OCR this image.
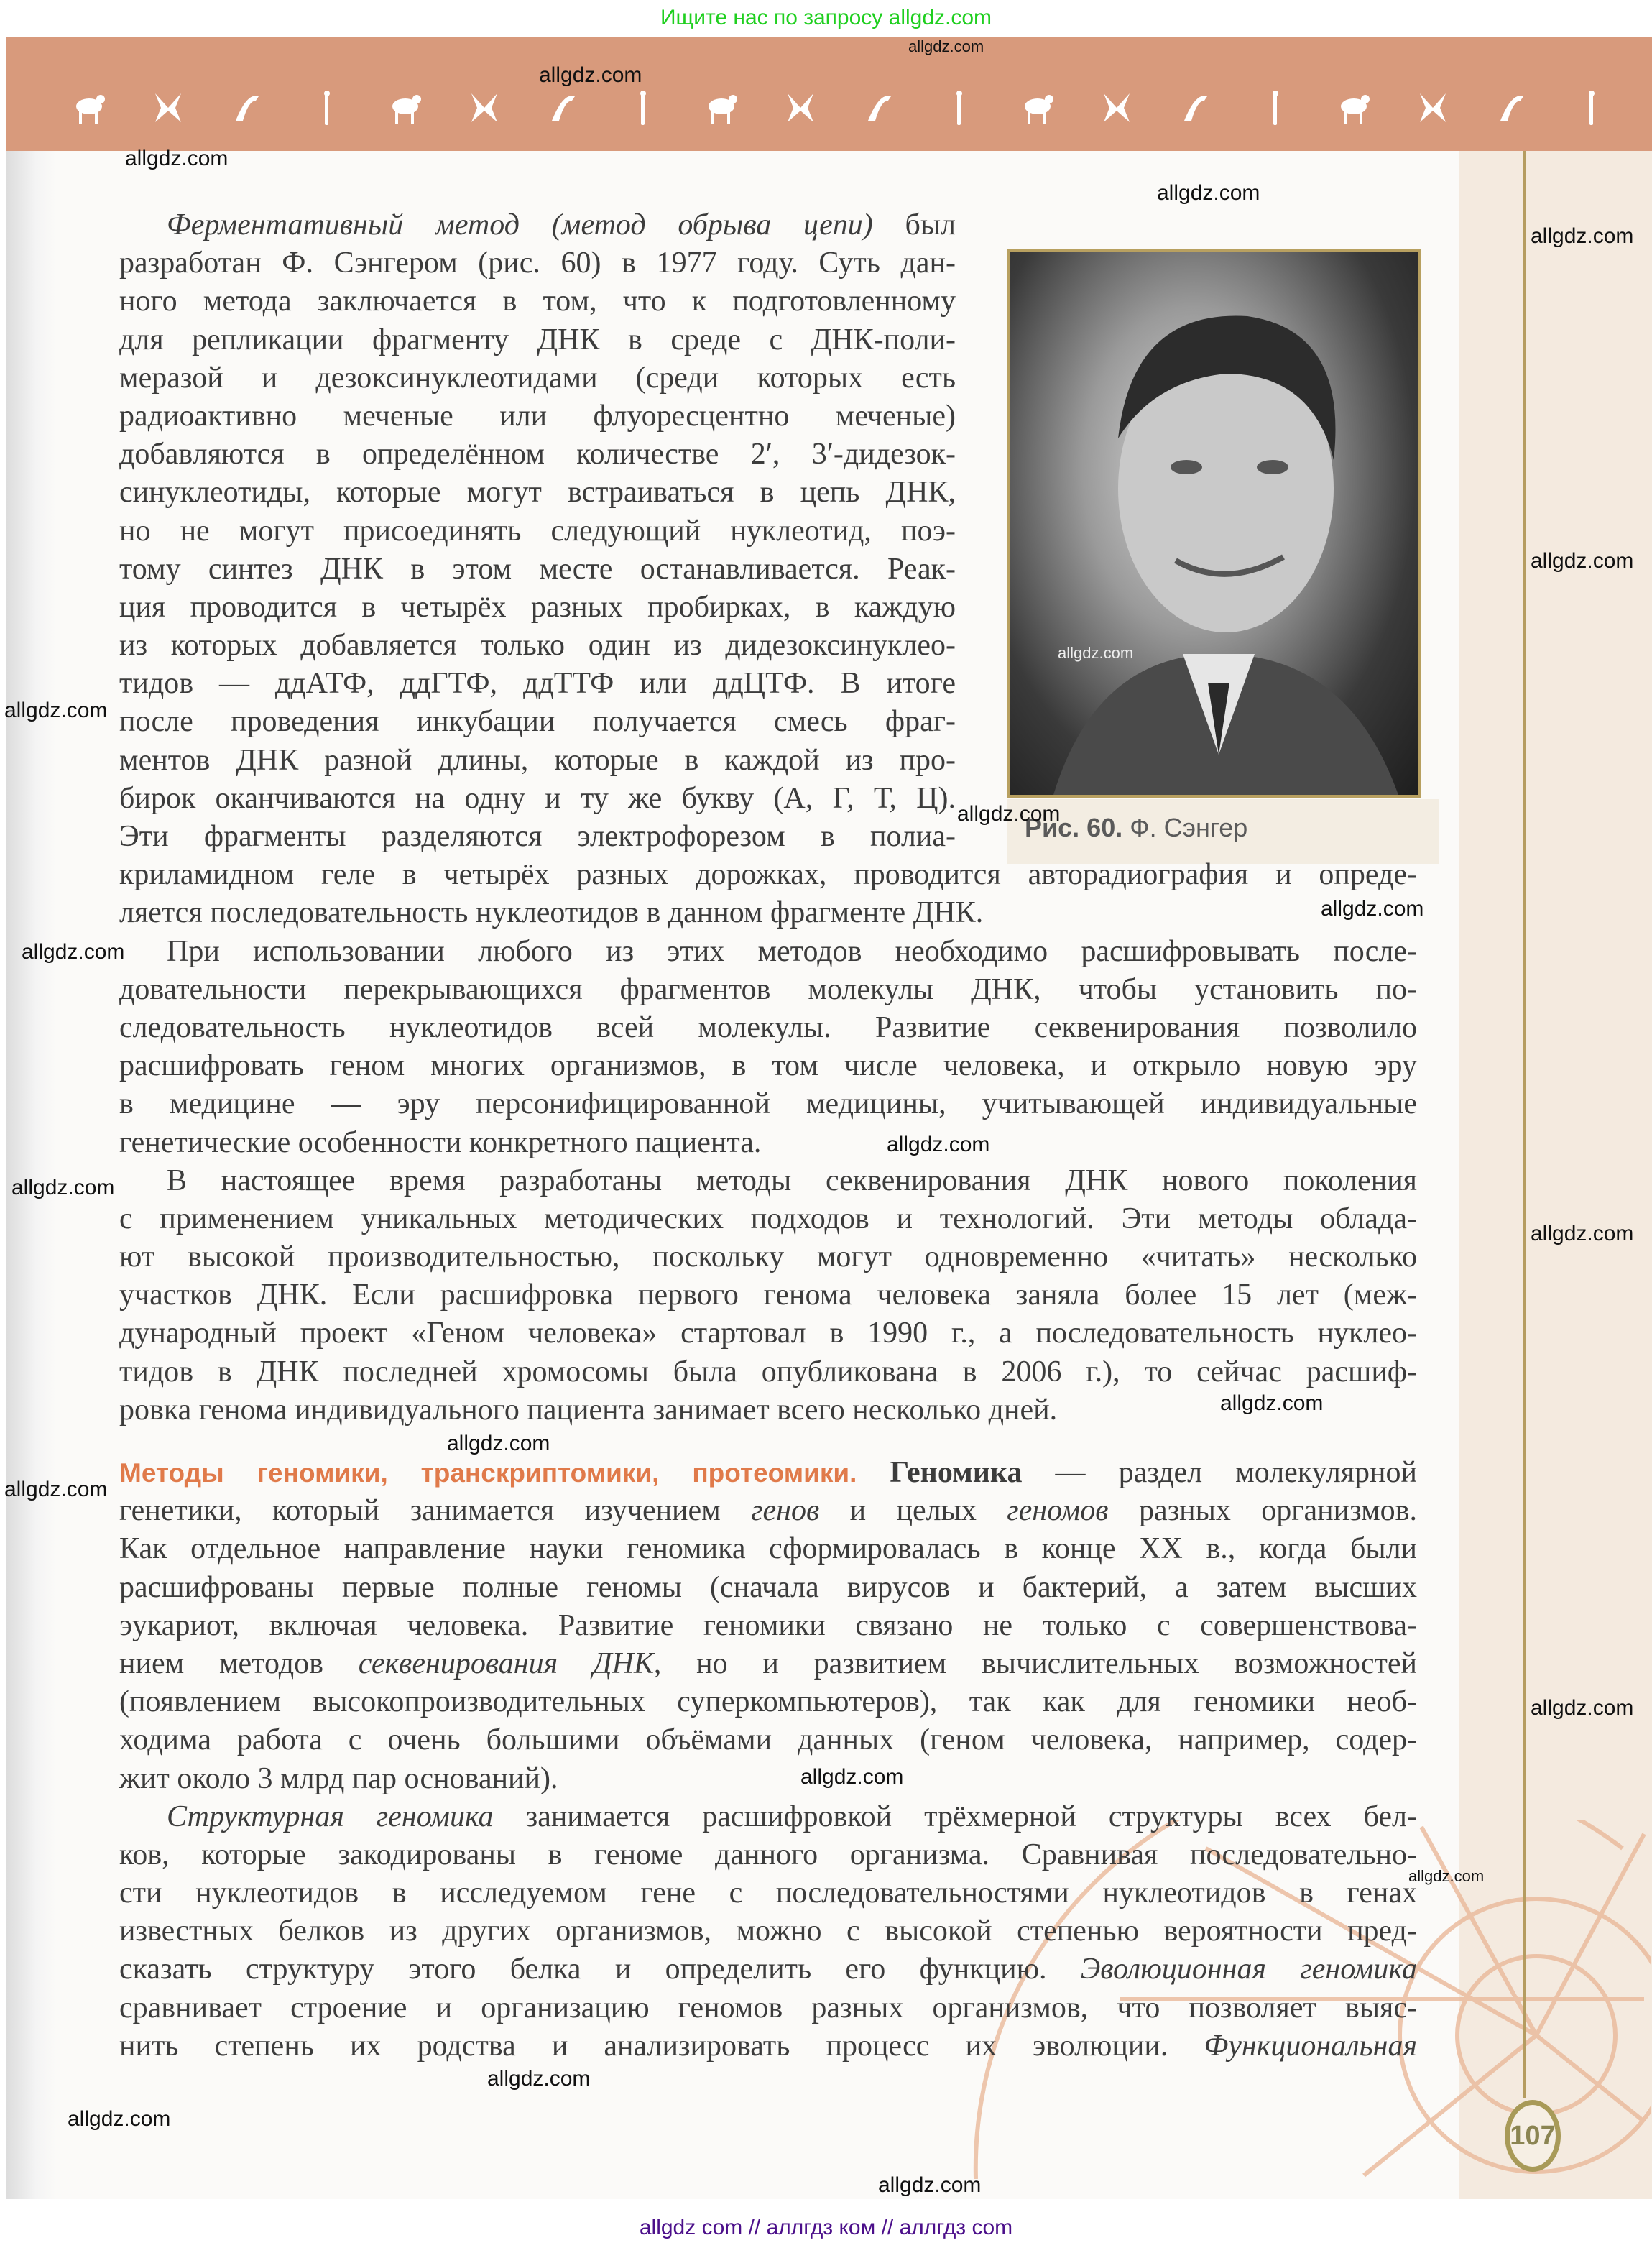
Ищите нас по запросу allgdz.com
107
Рис. 60. Ф. Сэнгер
Ферментативный метод (метод обрыва цепи) был
разработан Ф. Сэнгером (рис. 60) в 1977 году. Суть дан-
ного метода заключается в том, что к подготовленному
для репликации фрагменту ДНК в среде с ДНК-поли-
меразой и дезоксинуклеотидами (среди которых есть
радиоактивно меченые или флуоресцентно меченые)
добавляются в определённом количестве 2′, 3′-дидезок-
синуклеотиды, которые могут встраиваться в цепь ДНК,
но не могут присоединять следующий нуклеотид, поэ-
тому синтез ДНК в этом месте останавливается. Реак-
ция проводится в четырёх разных пробирках, в каждую
из которых добавляется только один из дидезоксинуклео-
тидов — ддАТФ, ддГТФ, ддТТФ или ддЦТФ. В итоге
после проведения инкубации получается смесь фраг-
ментов ДНК разной длины, которые в каждой из про-
бирок оканчиваются на одну и ту же букву (А, Г, Т, Ц).
Эти фрагменты разделяются электрофорезом в полиа-
криламидном геле в четырёх разных дорожках, проводится авторадиография и опреде-
ляется последовательность нуклеотидов в данном фрагменте ДНК.
При использовании любого из этих методов необходимо расшифровывать после-
довательности перекрывающихся фрагментов молекулы ДНК, чтобы установить по-
следовательность нуклеотидов всей молекулы. Развитие секвенирования позволило
расшифровать геном многих организмов, в том числе человека, и открыло новую эру
в медицине — эру персонифицированной медицины, учитывающей индивидуальные
генетические особенности конкретного пациента.
В настоящее время разработаны методы секвенирования ДНК нового поколения
с применением уникальных методических подходов и технологий. Эти методы облада-
ют высокой производительностью, поскольку могут одновременно «читать» несколько
участков ДНК. Если расшифровка первого генома человека заняла более 15 лет (меж-
дународный проект «Геном человека» стартовал в 1990 г., а последовательность нуклео-
тидов в ДНК последней хромосомы была опубликована в 2006 г.), то сейчас расшиф-
ровка генома индивидуального пациента занимает всего несколько дней.
Методы геномики, транскриптомики, протеомики. Геномика — раздел молекулярной
генетики, который занимается изучением генов и целых геномов разных организмов.
Как отдельное направление науки геномика сформировалась в конце XX в., когда были
расшифрованы первые полные геномы (сначала вирусов и бактерий, а затем высших
эукариот, включая человека. Развитие геномики связано не только с совершенствова-
нием методов секвенирования ДНК, но и развитием вычислительных возможностей
(появлением высокопроизводительных суперкомпьютеров), так как для геномики необ-
ходима работа с очень большими объёмами данных (геном человека, например, содер-
жит около 3 млрд пар оснований).
Структурная геномика занимается расшифровкой трёхмерной структуры всех бел-
ков, которые закодированы в геноме данного организма. Сравнивая последовательно-
сти нуклеотидов в исследуемом гене с последовательностями нуклеотидов в генах
известных белков из других организмов, можно с высокой степенью вероятности пред-
сказать структуру этого белка и определить его функцию. Эволюционная геномика
сравнивает строение и организацию геномов разных организмов, что позволяет выяс-
нить степень их родства и анализировать процесс их эволюции. Функциональная
allgdz.com
allgdz.com
allgdz.com
allgdz.com
allgdz.com
allgdz.com
allgdz.com
allgdz.com
allgdz.com
allgdz.com
allgdz.com
allgdz.com
allgdz.com
allgdz.com
allgdz.com
allgdz.com
allgdz.com
allgdz.com
allgdz.com
allgdz.com
allgdz.com
allgdz.com
allgdz.com
allgdz com // аллгдз ком // аллгдз com
